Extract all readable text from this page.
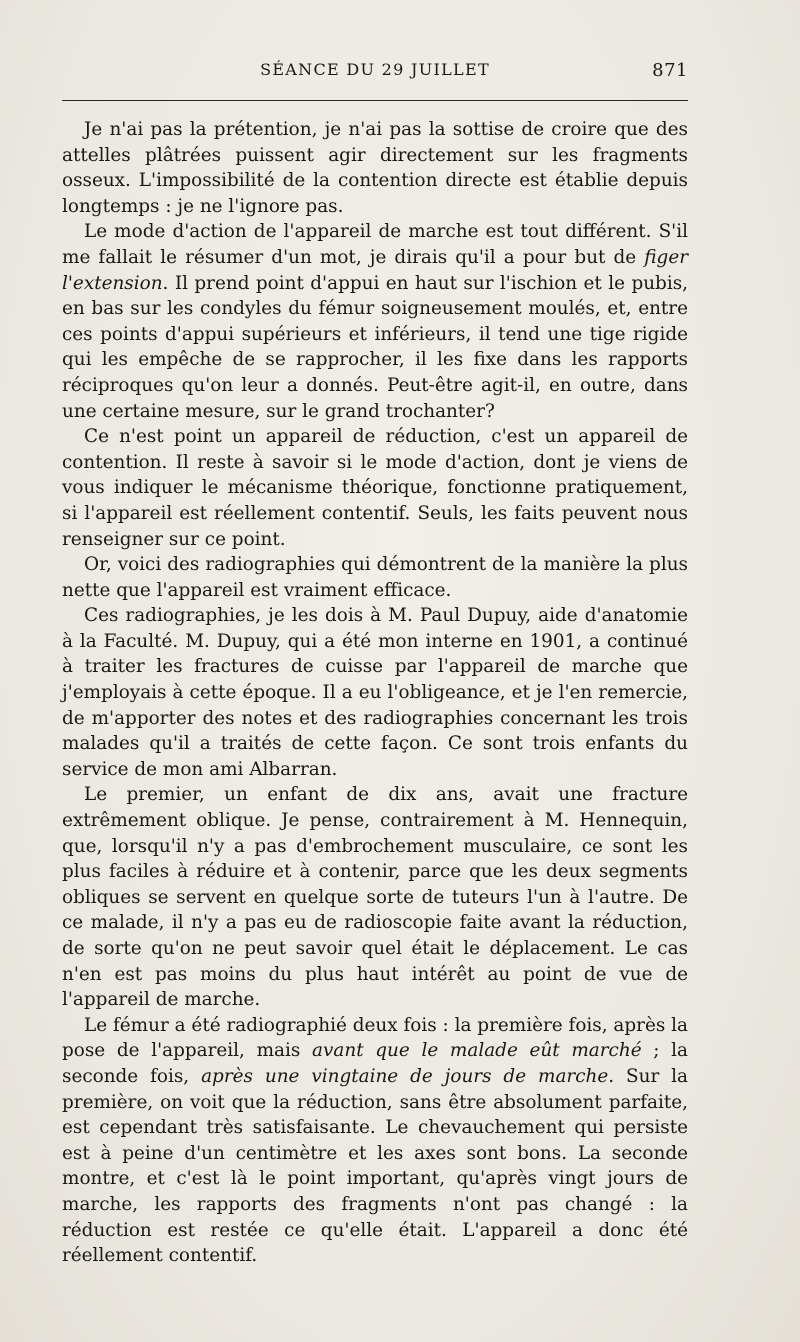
SÉANCE DU 29 JUILLET	871

Je n'ai pas la prétention, je n'ai pas la sottise de croire que des attelles plâtrées puissent agir directement sur les fragments osseux. L'impossibilité de la contention directe est établie depuis longtemps : je ne l'ignore pas.

Le mode d'action de l'appareil de marche est tout différent. S'il me fallait le résumer d'un mot, je dirais qu'il a pour but de figer l'extension. Il prend point d'appui en haut sur l'ischion et le pubis, en bas sur les condyles du fémur soigneusement moulés, et, entre ces points d'appui supérieurs et inférieurs, il tend une tige rigide qui les empêche de se rapprocher, il les fixe dans les rapports réciproques qu'on leur a donnés. Peut-être agit-il, en outre, dans une certaine mesure, sur le grand trochanter?

Ce n'est point un appareil de réduction, c'est un appareil de contention. Il reste à savoir si le mode d'action, dont je viens de vous indiquer le mécanisme théorique, fonctionne pratiquement, si l'appareil est réellement contentif. Seuls, les faits peuvent nous renseigner sur ce point.

Or, voici des radiographies qui démontrent de la manière la plus nette que l'appareil est vraiment efficace.

Ces radiographies, je les dois à M. Paul Dupuy, aide d'anatomie à la Faculté. M. Dupuy, qui a été mon interne en 1901, a continué à traiter les fractures de cuisse par l'appareil de marche que j'employais à cette époque. Il a eu l'obligeance, et je l'en remercie, de m'apporter des notes et des radiographies concernant les trois malades qu'il a traités de cette façon. Ce sont trois enfants du service de mon ami Albarran.

Le premier, un enfant de dix ans, avait une fracture extrêmement oblique. Je pense, contrairement à M. Hennequin, que, lorsqu'il n'y a pas d'embrochement musculaire, ce sont les plus faciles à réduire et à contenir, parce que les deux segments obliques se servent en quelque sorte de tuteurs l'un à l'autre. De ce malade, il n'y a pas eu de radioscopie faite avant la réduction, de sorte qu'on ne peut savoir quel était le déplacement. Le cas n'en est pas moins du plus haut intérêt au point de vue de l'appareil de marche.

Le fémur a été radiographié deux fois : la première fois, après la pose de l'appareil, mais avant que le malade eût marché ; la seconde fois, après une vingtaine de jours de marche. Sur la première, on voit que la réduction, sans être absolument parfaite, est cependant très satisfaisante. Le chevauchement qui persiste est à peine d'un centimètre et les axes sont bons. La seconde montre, et c'est là le point important, qu'après vingt jours de marche, les rapports des fragments n'ont pas changé : la réduction est restée ce qu'elle était. L'appareil a donc été réellement contentif.
